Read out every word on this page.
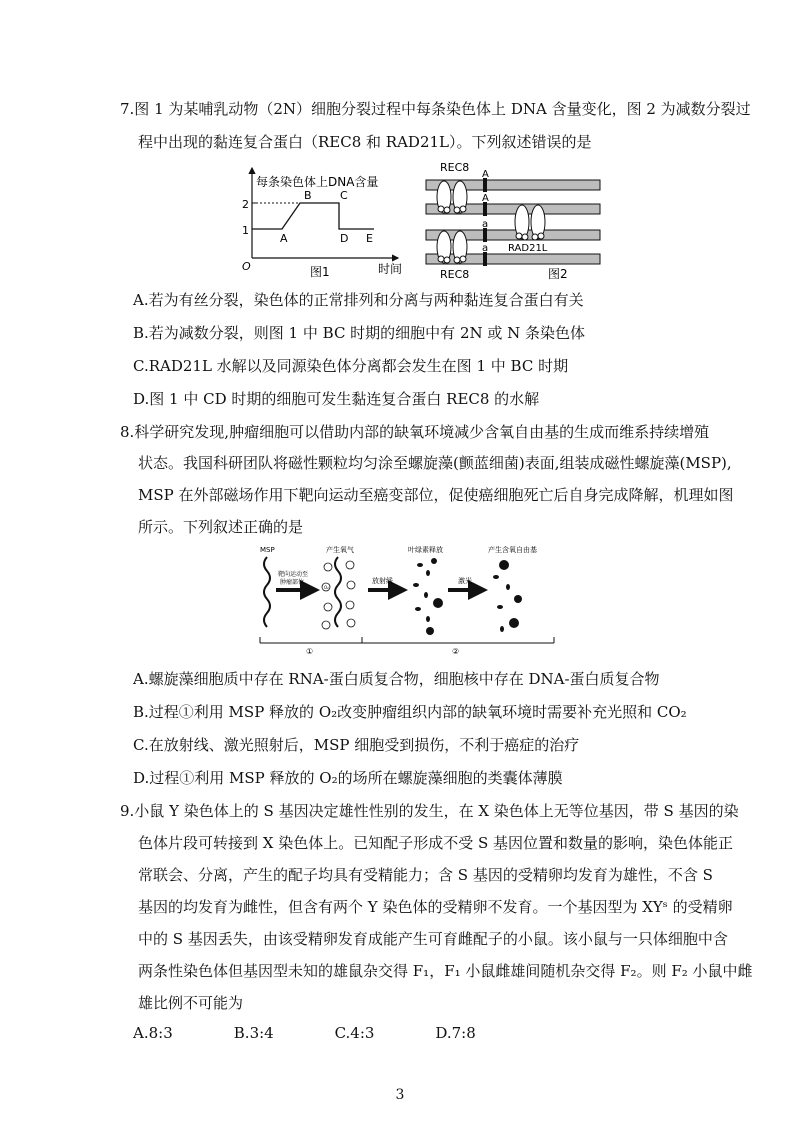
7.图 1 为某哺乳动物（2N）细胞分裂过程中每条染色体上 DNA 含量变化，图 2 为减数分裂过
程中出现的黏连复合蛋白（REC8 和 RAD21L）。下列叙述错误的是
每条染色体上DNA含量
1
2
O
A
B	C
D E
时间
图1
REC8
A
A
a
a RAD21L
REC8	图2
A.若为有丝分裂，染色体的正常排列和分离与两种黏连复合蛋白有关
B.若为减数分裂，则图 1 中 BC 时期的细胞中有 2N 或 N 条染色体
C.RAD21L 水解以及同源染色体分离都会发生在图 1 中 BC 时期
D.图 1 中 CD 时期的细胞可发生黏连复合蛋白 REC8 的水解
8.科学研究发现,肿瘤细胞可以借助内部的缺氧环境减少含氧自由基的生成而维系持续增殖
状态。我国科研团队将磁性颗粒均匀涂至螺旋藻(颤蓝细菌)表面,组装成磁性螺旋藻(MSP),
MSP 在外部磁场作用下靶向运动至癌变部位，促使癌细胞死亡后自身完成降解，机理如图
所示。下列叙述正确的是
MSP
靶向运动至
肿瘤部位
产生氧气
O₂
放射线
叶绿素释放
激光
产生含氧自由基
①	②
A.螺旋藻细胞质中存在 RNA-蛋白质复合物，细胞核中存在 DNA-蛋白质复合物
B.过程①利用 MSP 释放的 O₂改变肿瘤组织内部的缺氧环境时需要补充光照和 CO₂
C.在放射线、激光照射后，MSP 细胞受到损伤，不利于癌症的治疗
D.过程①利用 MSP 释放的 O₂的场所在螺旋藻细胞的类囊体薄膜
9.小鼠 Y 染色体上的 S 基因决定雄性性别的发生，在 X 染色体上无等位基因，带 S 基因的染
色体片段可转接到 X 染色体上。已知配子形成不受 S 基因位置和数量的影响，染色体能正
常联会、分离，产生的配子均具有受精能力；含 S 基因的受精卵均发育为雄性，不含 S
基因的均发育为雌性，但含有两个 Y 染色体的受精卵不发育。一个基因型为 XYˢ 的受精卵
中的 S 基因丢失，由该受精卵发育成能产生可育雌配子的小鼠。该小鼠与一只体细胞中含
两条性染色体但基因型未知的雄鼠杂交得 F₁，F₁ 小鼠雌雄间随机杂交得 F₂。则 F₂ 小鼠中雌
雄比例不可能为
A.8:3	B.3:4	C.4:3	D.7:8
3
